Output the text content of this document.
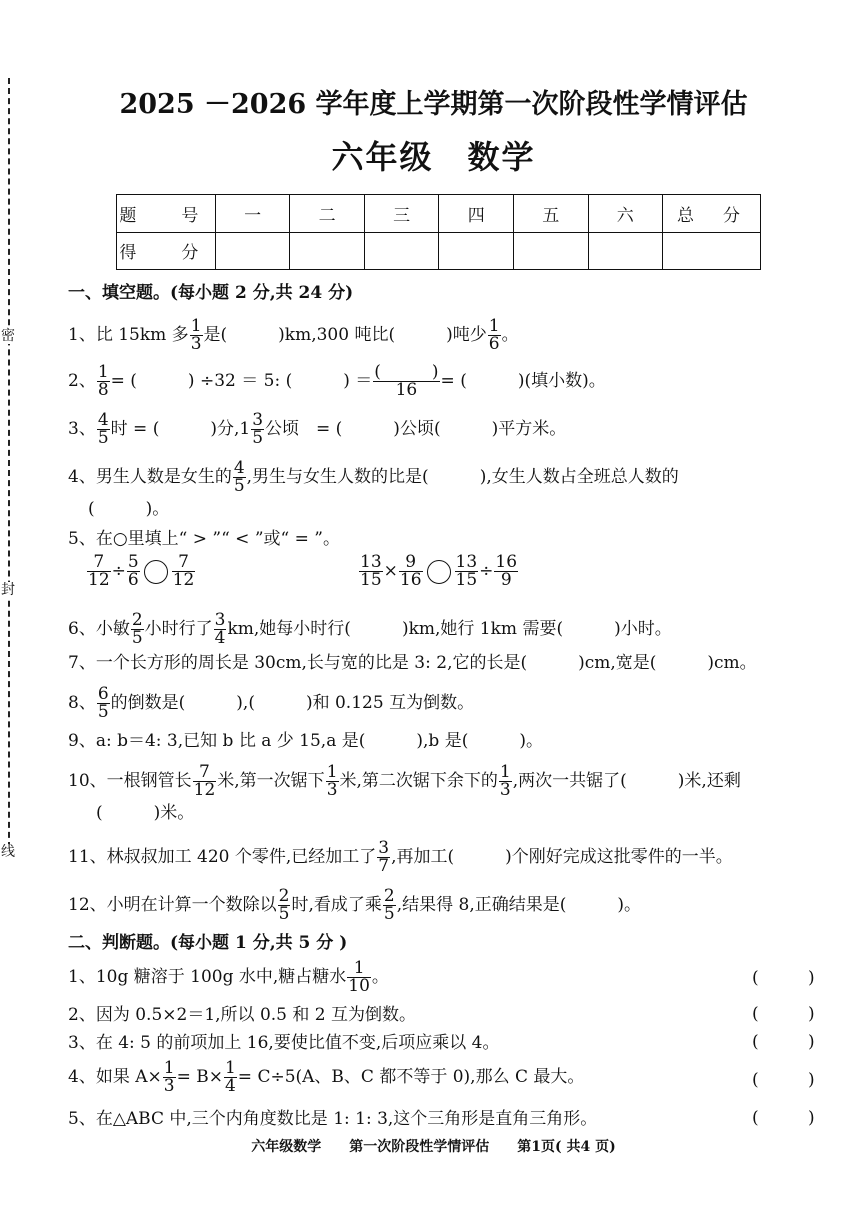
密
封
线
2025 －2026 学年度上学期第一次阶段性学情评估
六年级　数学
题　号	一	二	三	四	五	六	总　分
得　分							
一、填空题。(每小题 2 分,共 24 分)
1、比 15km 多 $\frac{1}{3}$ 是(　　　)km,300 吨比(　　　)吨少 $\frac{1}{6}$ 。
2、 $\frac{1}{8}$ = (　　　) ÷32 ＝ 5: (　　　) ＝ $\frac{( )}{16}$ = (　　　)(填小数)。
3、 $\frac{4}{5}$ 时 = (　　　)分$,1 \frac{3}{5}$ 公顷　= (　　　)公顷(　　　)平方米。
4、男生人数是女生的 $\frac{4}{5}$ ,男生与女生人数的比是(　　　),女生人数占全班总人数的
(　　　)。
5、在○里填上“ > ”“ < ”或“ = ”。
$\frac{7}{12} \div \frac{5}{6} \frac{7}{12}$	$\frac{13}{15} \times \frac{9}{16} \frac{13}{15} \div \frac{16}{9}$
6、小敏 $\frac{2}{5}$ 小时行了 $\frac{3}{4}$ km,她每小时行(　　　)km,她行 1km 需要(　　　)小时。
7、一个长方形的周长是 30cm,长与宽的比是 3: 2,它的长是(　　　)cm,宽是(　　　)cm。
8、 $\frac{6}{5}$ 的倒数是(　　　),(　　　)和 0.125 互为倒数。
9、a: b＝4: 3,已知 b 比 a 少 15,a 是(　　　),b 是(　　　)。
10、一根钢管长 $\frac{7}{12}$ 米,第一次锯下 $\frac{1}{3}$ 米,第二次锯下余下的 $\frac{1}{3}$ ,两次一共锯了(　　　)米,还剩
(　　　)米。
11、林叔叔加工 420 个零件,已经加工了 $\frac{3}{7}$ ,再加工(　　　)个刚好完成这批零件的一半。
12、小明在计算一个数除以 $\frac{2}{5}$ 时,看成了乘 $\frac{2}{5}$ ,结果得 8,正确结果是(　　　)。
二、判断题。(每小题 1 分,共 5 分 )
1、10g 糖溶于 100g 水中,糖占糖水 $\frac{1}{10}$ 。	( )
2、因为 0.5×2＝1,所以 0.5 和 2 互为倒数。	( )
3、在 4: 5 的前项加上 16,要使比值不变,后项应乘以 4。	( )
4、如果 $A\times \frac{1}{3} = B\times \frac{1}{4} = C\div 5(A$、B、C 都不等于 0),那么 C 最大。	( )
5、在△ABC 中,三个内角度数比是 1: 1: 3,这个三角形是直角三角形。	( )
六年级数学　　第一次阶段性学情评估　　第1页( 共4 页)
